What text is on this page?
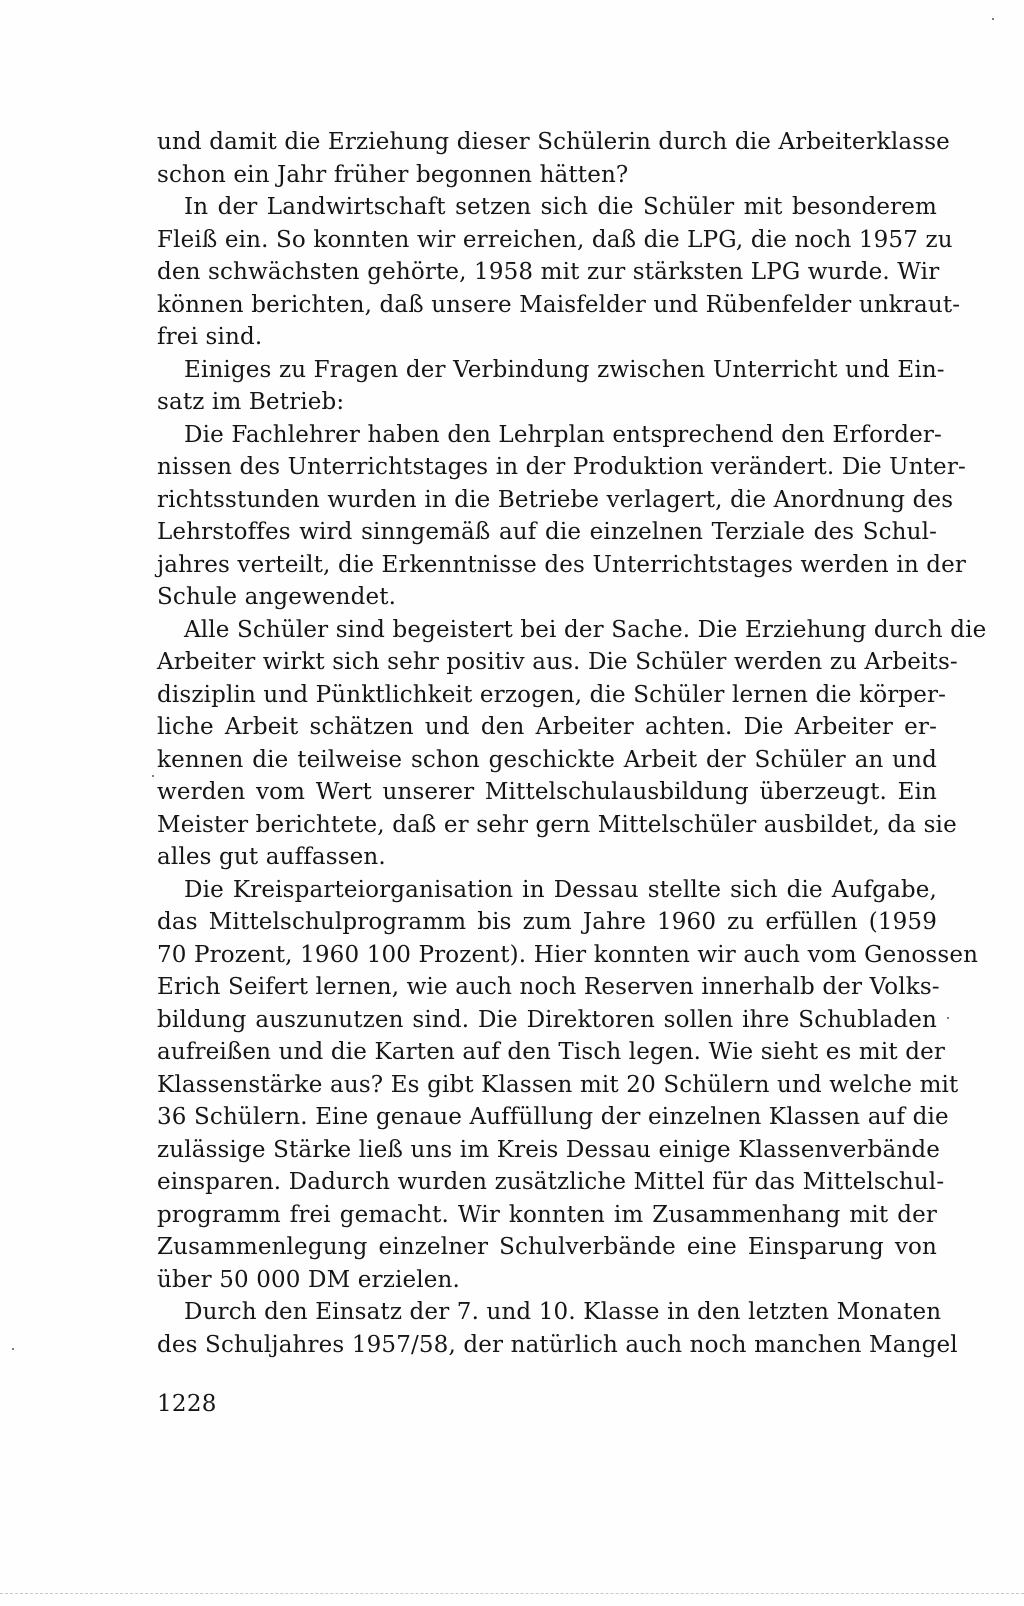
und damit die Erziehung dieser Schülerin durch die Arbeiterklasse
schon ein Jahr früher begonnen hätten?
In der Landwirtschaft setzen sich die Schüler mit besonderem
Fleiß ein. So konnten wir erreichen, daß die LPG, die noch 1957 zu
den schwächsten gehörte, 1958 mit zur stärksten LPG wurde. Wir
können berichten, daß unsere Maisfelder und Rübenfelder unkraut-
frei sind.
Einiges zu Fragen der Verbindung zwischen Unterricht und Ein-
satz im Betrieb:
Die Fachlehrer haben den Lehrplan entsprechend den Erforder-
nissen des Unterrichtstages in der Produktion verändert. Die Unter-
richtsstunden wurden in die Betriebe verlagert, die Anordnung des
Lehrstoffes wird sinngemäß auf die einzelnen Terziale des Schul-
jahres verteilt, die Erkenntnisse des Unterrichtstages werden in der
Schule angewendet.
Alle Schüler sind begeistert bei der Sache. Die Erziehung durch die
Arbeiter wirkt sich sehr positiv aus. Die Schüler werden zu Arbeits-
disziplin und Pünktlichkeit erzogen, die Schüler lernen die körper-
liche Arbeit schätzen und den Arbeiter achten. Die Arbeiter er-
kennen die teilweise schon geschickte Arbeit der Schüler an und
werden vom Wert unserer Mittelschulausbildung überzeugt. Ein
Meister berichtete, daß er sehr gern Mittelschüler ausbildet, da sie
alles gut auffassen.
Die Kreisparteiorganisation in Dessau stellte sich die Aufgabe,
das Mittelschulprogramm bis zum Jahre 1960 zu erfüllen (1959
70 Prozent, 1960 100 Prozent). Hier konnten wir auch vom Genossen
Erich Seifert lernen, wie auch noch Reserven innerhalb der Volks-
bildung auszunutzen sind. Die Direktoren sollen ihre Schubladen
aufreißen und die Karten auf den Tisch legen. Wie sieht es mit der
Klassenstärke aus? Es gibt Klassen mit 20 Schülern und welche mit
36 Schülern. Eine genaue Auffüllung der einzelnen Klassen auf die
zulässige Stärke ließ uns im Kreis Dessau einige Klassenverbände
einsparen. Dadurch wurden zusätzliche Mittel für das Mittelschul-
programm frei gemacht. Wir konnten im Zusammenhang mit der
Zusammenlegung einzelner Schulverbände eine Einsparung von
über 50 000 DM erzielen.
Durch den Einsatz der 7. und 10. Klasse in den letzten Monaten
des Schuljahres 1957/58, der natürlich auch noch manchen Mangel
1228
